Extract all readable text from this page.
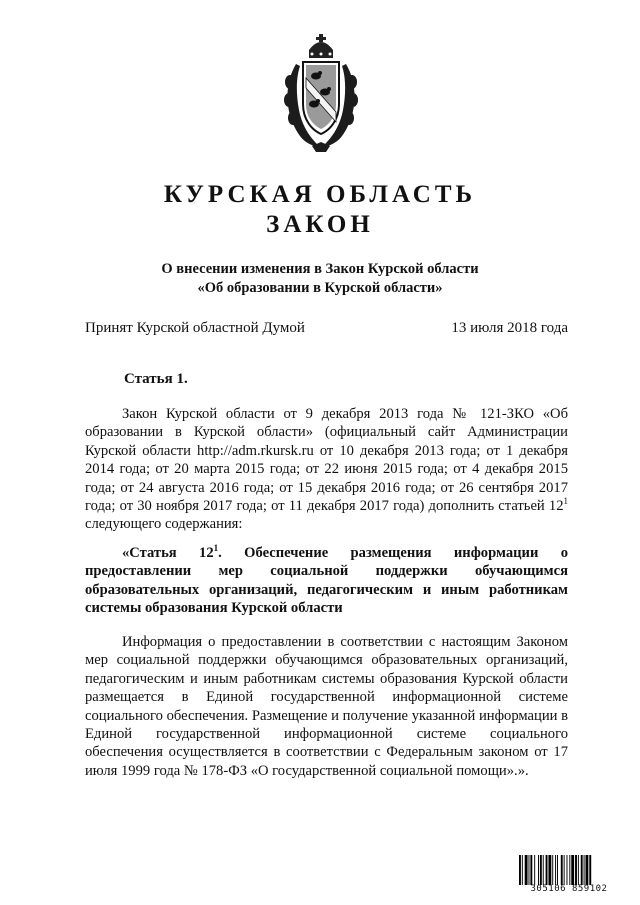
КУРСКАЯ ОБЛАСТЬ
ЗАКОН
О внесении изменения в Закон Курской области
«Об образовании в Курской области»
Принят Курской областной Думой	13 июля 2018 года
Статья 1.

Закон Курской области от 9 декабря 2013 года № 121-ЗКО «Об образовании в Курской области» (официальный сайт Администрации Курской области http://adm.rkursk.ru от 10 декабря 2013 года; от 1 декабря 2014 года; от 20 марта 2015 года; от 22 июня 2015 года; от 4 декабря 2015 года; от 24 августа 2016 года; от 15 декабря 2016 года; от 26 сентября 2017 года; от 30 ноября 2017 года; от 11 декабря 2017 года) дополнить статьей $12^1$ следующего содержания:

«Статья $12^1$. Обеспечение размещения информации о предоставлении мер социальной поддержки обучающимся образовательных организаций, педагогическим и иным работникам системы образования Курской области

Информация о предоставлении в соответствии с настоящим Законом мер социальной поддержки обучающимся образовательных организаций, педагогическим и иным работникам системы образования Курской области размещается в Единой государственной информационной системе социального обеспечения. Размещение и получение указанной информации в Единой государственной информационной системе социального обеспечения осуществляется в соответствии с Федеральным законом от 17 июля 1999 года № 178-ФЗ «О государственной социальной помощи».».

305106 859102
